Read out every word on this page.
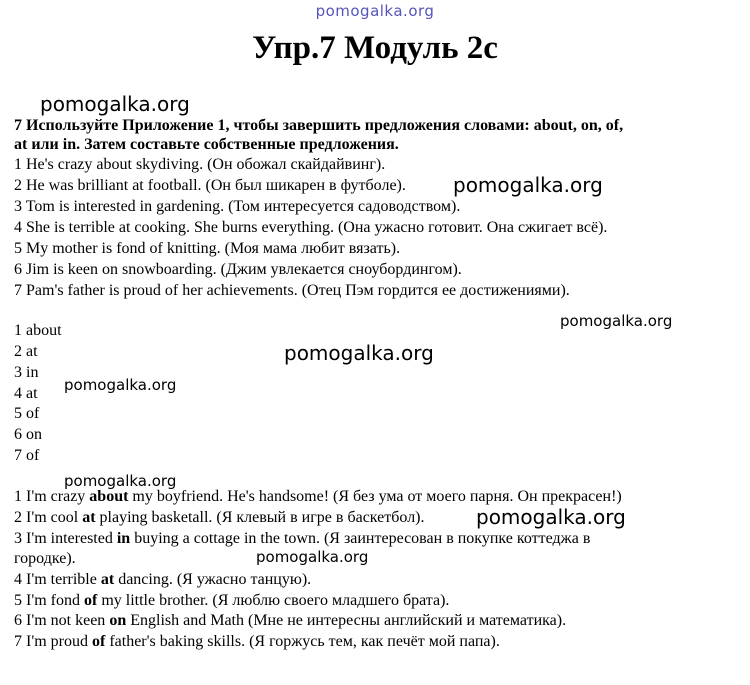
pomogalka.org
Упр.7 Модуль 2с
pomogalka.org
pomogalka.org
pomogalka.org
pomogalka.org
pomogalka.org
pomogalka.org
pomogalka.org
pomogalka.org
7 Используйте Приложение 1, чтобы завершить предложения словами: about, on, of,
at или in. Затем составьте собственные предложения.
1 He's crazy about skydiving. (Он обожал скайдайвинг).
2 He was brilliant at football. (Он был шикарен в футболе).
3 Tom is interested in gardening. (Том интересуется садоводством).
4 She is terrible at cooking. She burns everything. (Она ужасно готовит. Она сжигает всё).
5 My mother is fond of knitting. (Моя мама любит вязать).
6 Jim is keen on snowboarding. (Джим увлекается сноубордингом).
7 Pam's father is proud of her achievements. (Отец Пэм гордится ее достижениями).
1 about
2 at
3 in
4 at
5 of
6 on
7 of
1 I'm crazy about my boyfriend. He's handsome! (Я без ума от моего парня. Он прекрасен!)
2 I'm cool at playing basketall. (Я клевый в игре в баскетбол).
3 I'm interested in buying a cottage in the town. (Я заинтересован в покупке коттеджа в
городке).
4 I'm terrible at dancing. (Я ужасно танцую).
5 I'm fond of my little brother. (Я люблю своего младшего брата).
6 I'm not keen on English and Math (Мне не интересны английский и математика).
7 I'm proud of father's baking skills. (Я горжусь тем, как печёт мой папа).
